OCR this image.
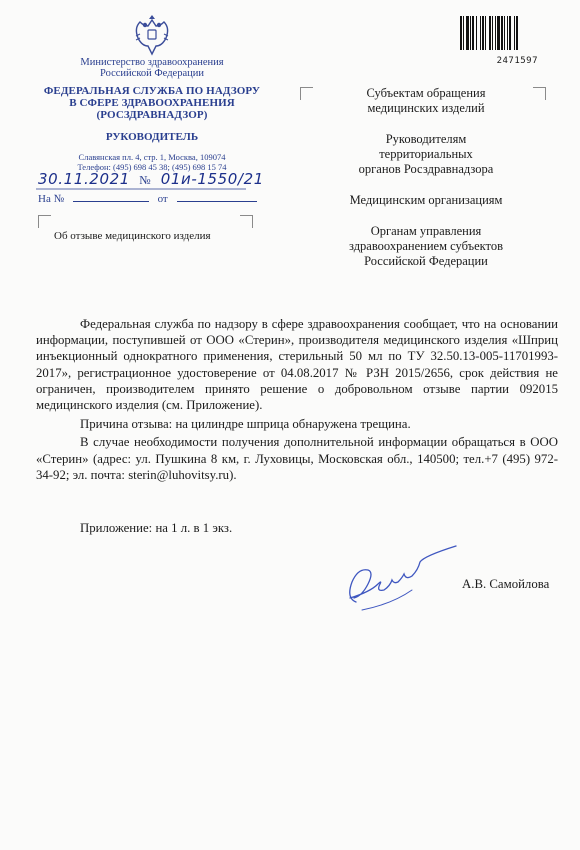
Министерство здравоохранения
Российской Федерации
ФЕДЕРАЛЬНАЯ СЛУЖБА ПО НАДЗОРУ
В СФЕРЕ ЗДРАВООХРАНЕНИЯ
(РОСЗДРАВНАДЗОР)
РУКОВОДИТЕЛЬ
Славянская пл. 4, стр. 1, Москва, 109074
Телефон: (495) 698 45 38; (495) 698 15 74
30.11.2021 № 01и-1550/21
На №	от
Об отзыве медицинского изделия
2471597

Субъектам обращения
медицинских изделий

Руководителям
территориальных
органов Росздравнадзора

Медицинским организациям

Органам управления
здравоохранением субъектов
Российской Федерации

Федеральная служба по надзору в сфере здравоохранения сообщает, что на основании информации, поступившей от ООО «Стерин», производителя медицинского изделия «Шприц инъекционный однократного применения, стерильный 50 мл по ТУ 32.50.13-005-11701993-2017», регистрационное удостоверение от 04.08.2017 № РЗН 2015/2656, срок действия не ограничен, производителем принято решение о добровольном отзыве партии 092015 медицинского изделия (см. Приложение).

Причина отзыва: на цилиндре шприца обнаружена трещина.

В случае необходимости получения дополнительной информации обращаться в ООО «Стерин» (адрес: ул. Пушкина 8 км, г. Луховицы, Московская обл., 140500; тел.+7 (495) 972-34-92; эл. почта: sterin@luhovitsy.ru).

Приложение: на 1 л. в 1 экз.
А.В. Самойлова
